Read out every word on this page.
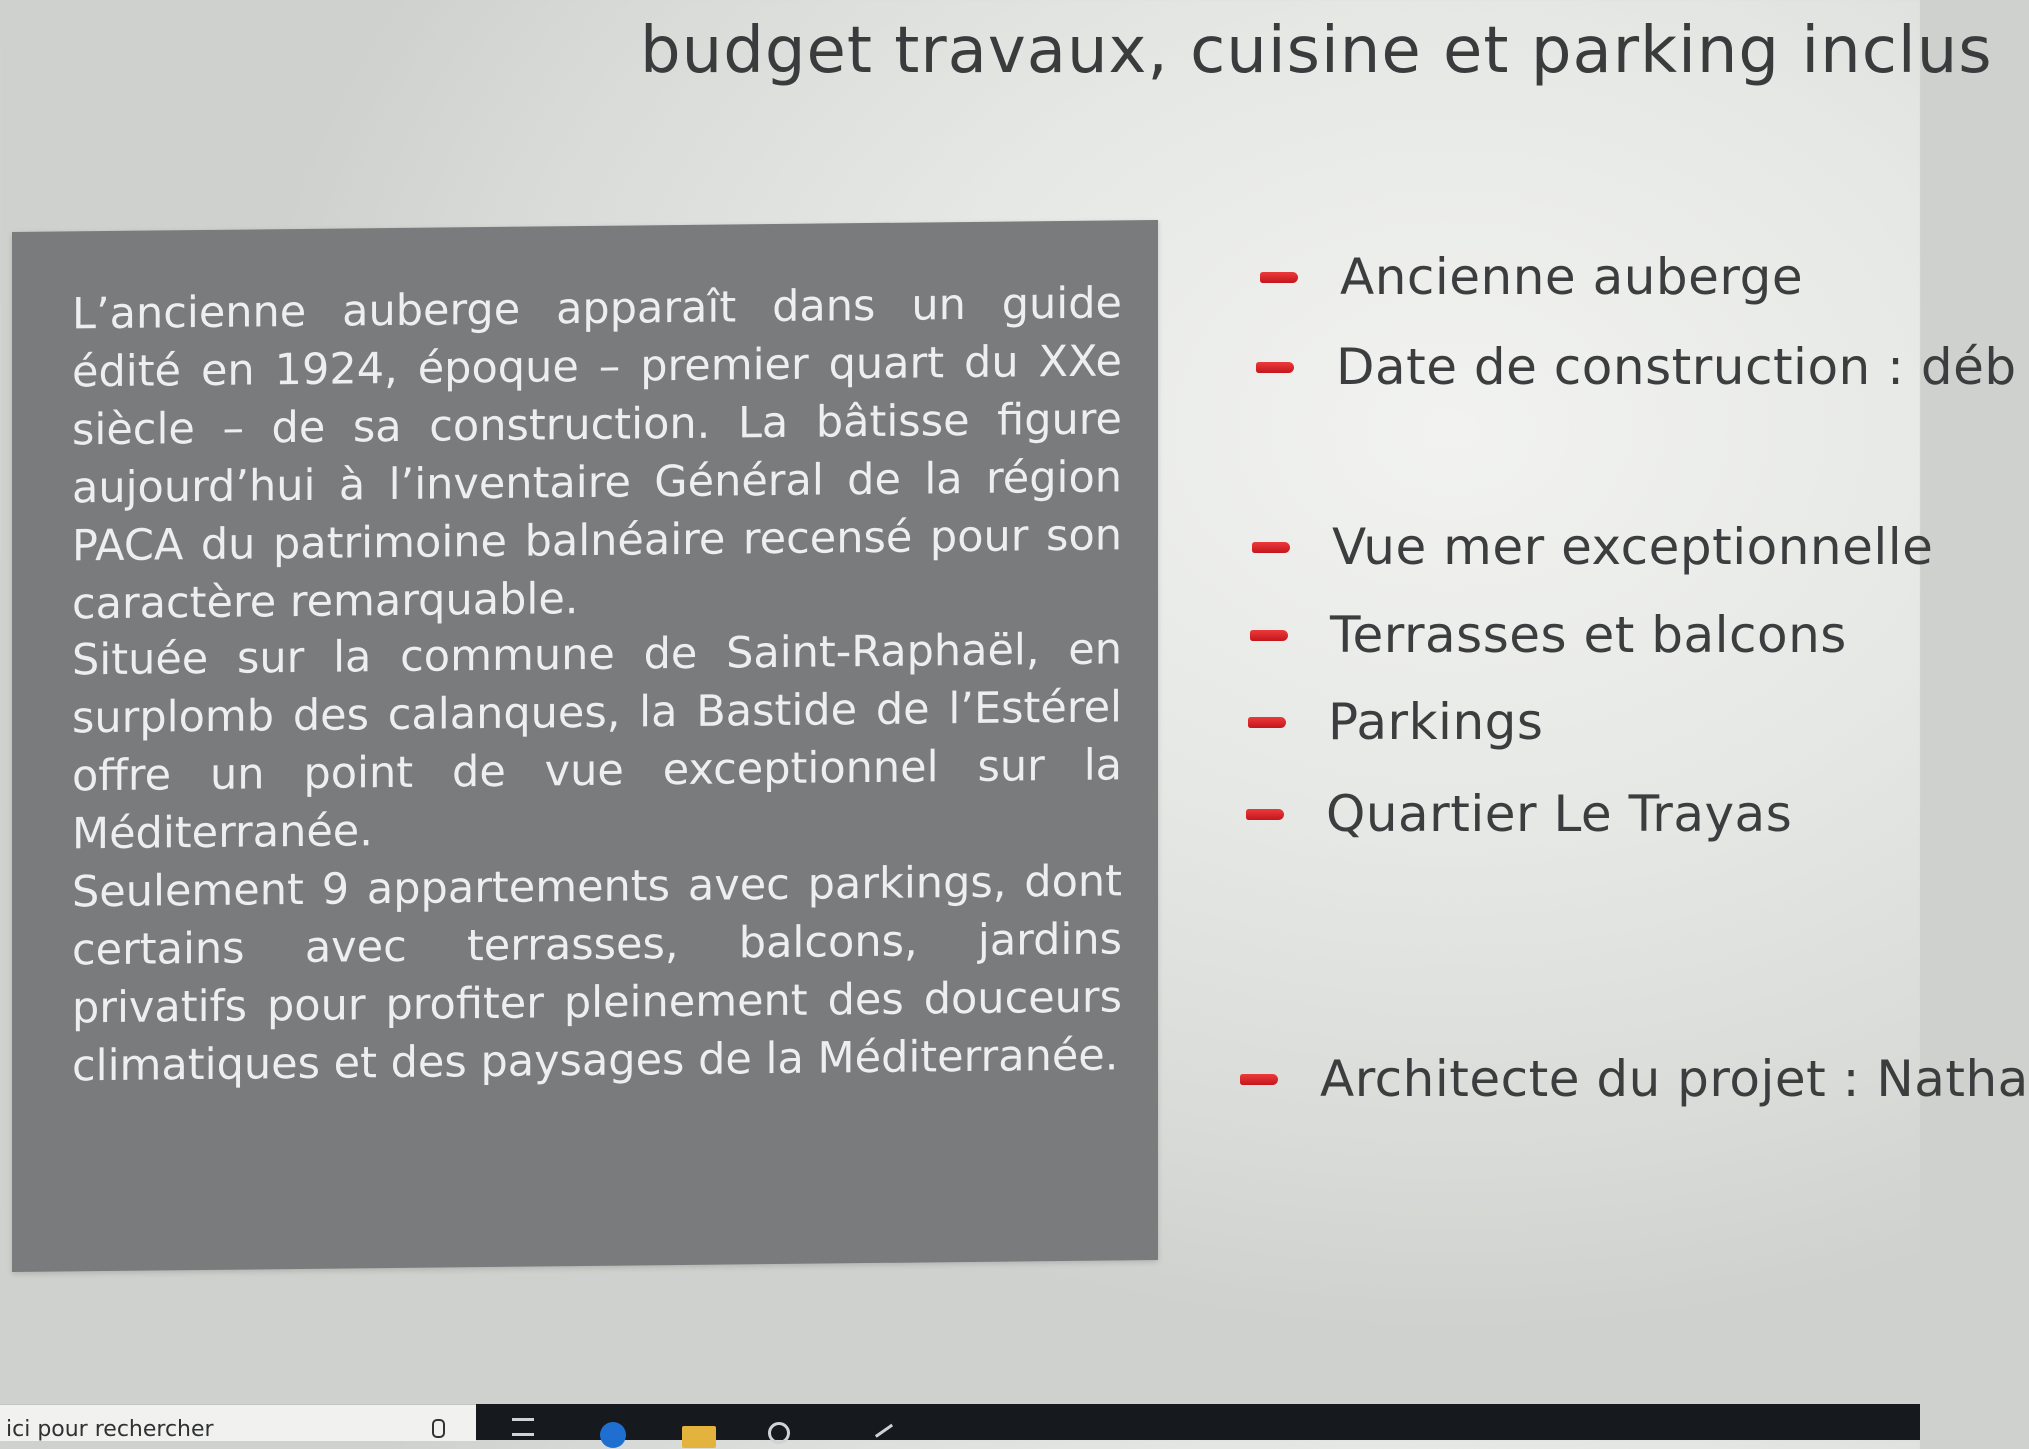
budget travaux, cuisine et parking inclus
L’ancienne auberge apparaît dans un guide édité en 1924, époque – premier quart du XXe siècle – de sa construction. La bâtisse figure aujourd’hui à l’inventaire Général de la région PACA du patrimoine balnéaire recensé pour son caractère remarquable.
Située sur la commune de Saint-Raphaël, en surplomb des calanques, la Bastide de l’Estérel offre un point de vue exceptionnel sur la Méditerranée.
Seulement 9 appartements avec parkings, dont certains avec terrasses, balcons, jardins privatifs pour profiter pleinement des douceurs climatiques et des paysages de la Méditerranée.
Ancienne auberge
Date de construction : déb
Vue mer exceptionnelle
Terrasses et balcons
Parkings
Quartier Le Trayas
Architecte du projet : Natha
ici pour rechercher
